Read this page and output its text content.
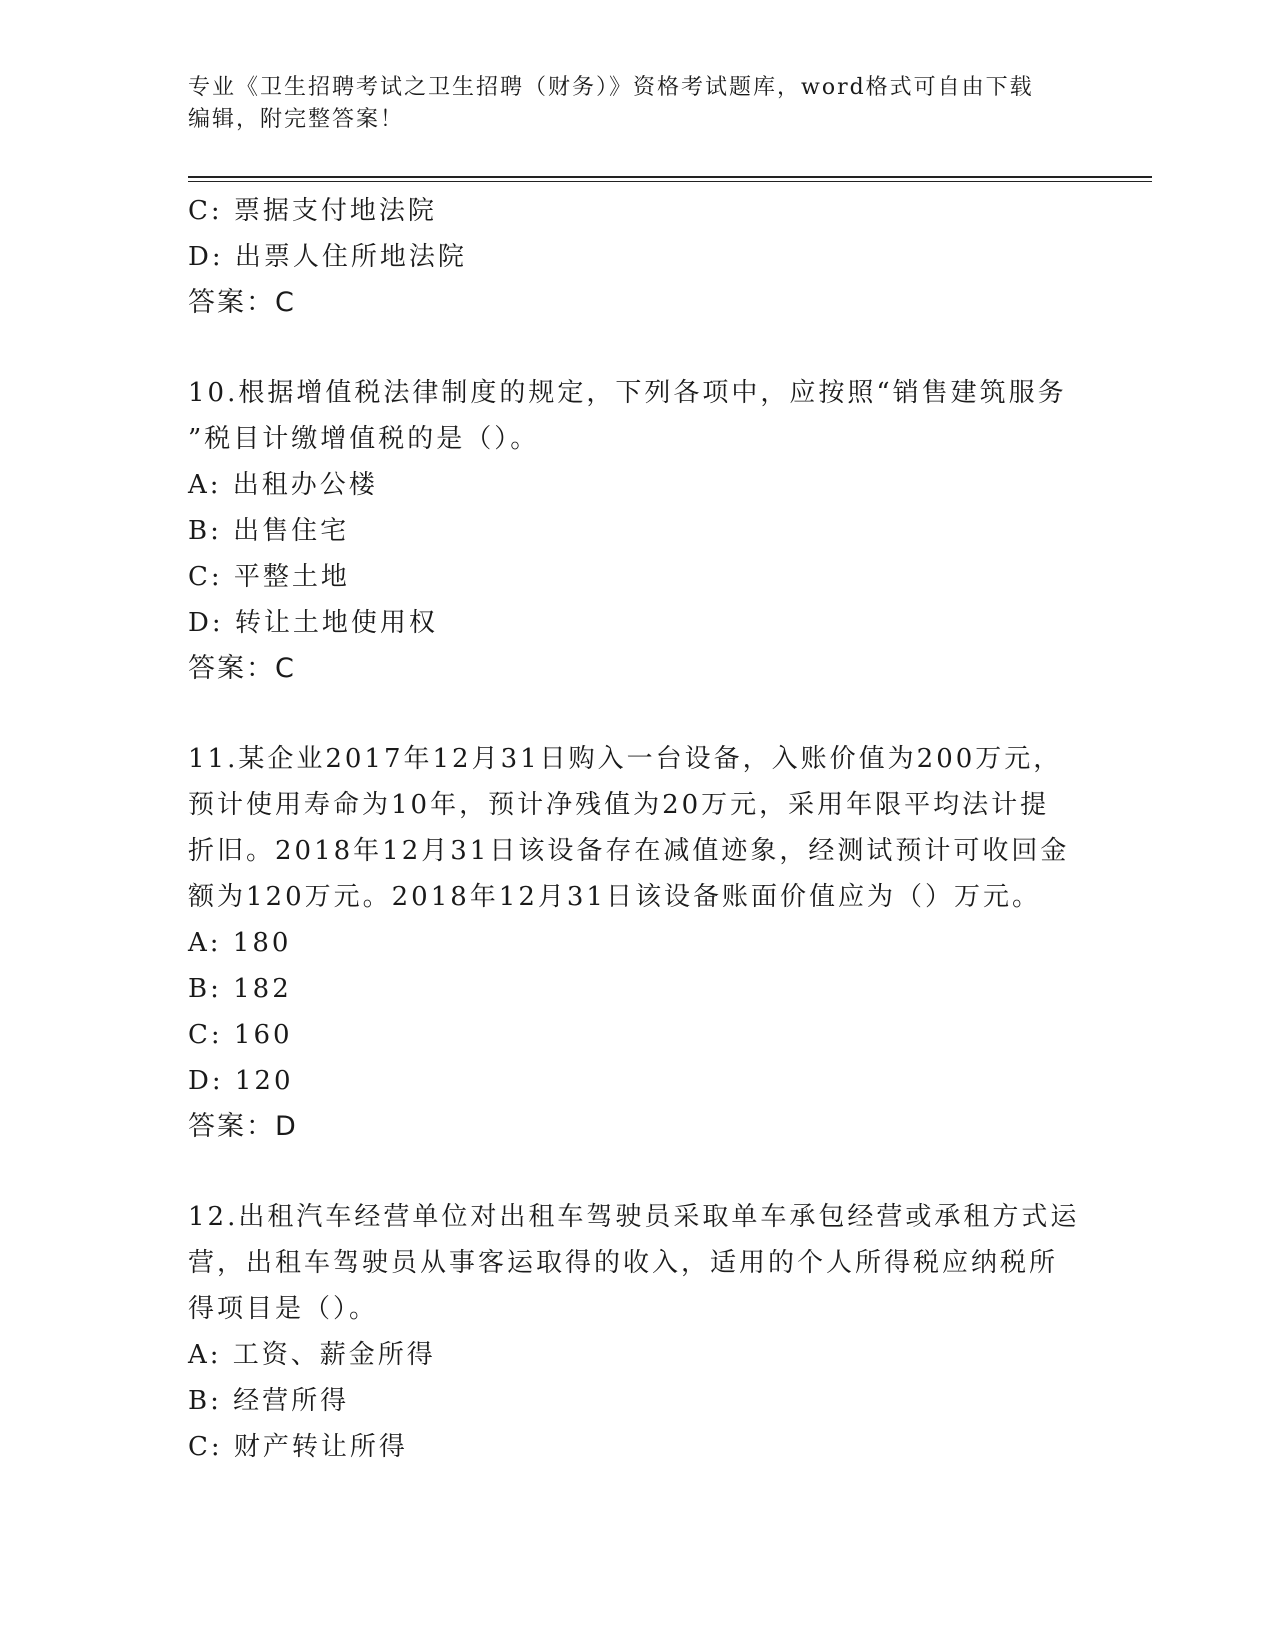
专业《卫生招聘考试之卫生招聘（财务）》资格考试题库，word格式可自由下载
编辑，附完整答案！
C: 票据支付地法院
D: 出票人住所地法院
答案：C
10.根据增值税法律制度的规定，下列各项中，应按照“销售建筑服务
”税目计缴增值税的是（）。
A: 出租办公楼
B: 出售住宅
C: 平整土地
D: 转让土地使用权
答案：C
11.某企业2017年12月31日购入一台设备，入账价值为200万元，
预计使用寿命为10年，预计净残值为20万元，采用年限平均法计提
折旧。2018年12月31日该设备存在减值迹象，经测试预计可收回金
额为120万元。2018年12月31日该设备账面价值应为（）万元。
A: 180
B: 182
C: 160
D: 120
答案：D
12.出租汽车经营单位对出租车驾驶员采取单车承包经营或承租方式运
营，出租车驾驶员从事客运取得的收入，适用的个人所得税应纳税所
得项目是（）。
A: 工资、薪金所得
B: 经营所得
C: 财产转让所得
